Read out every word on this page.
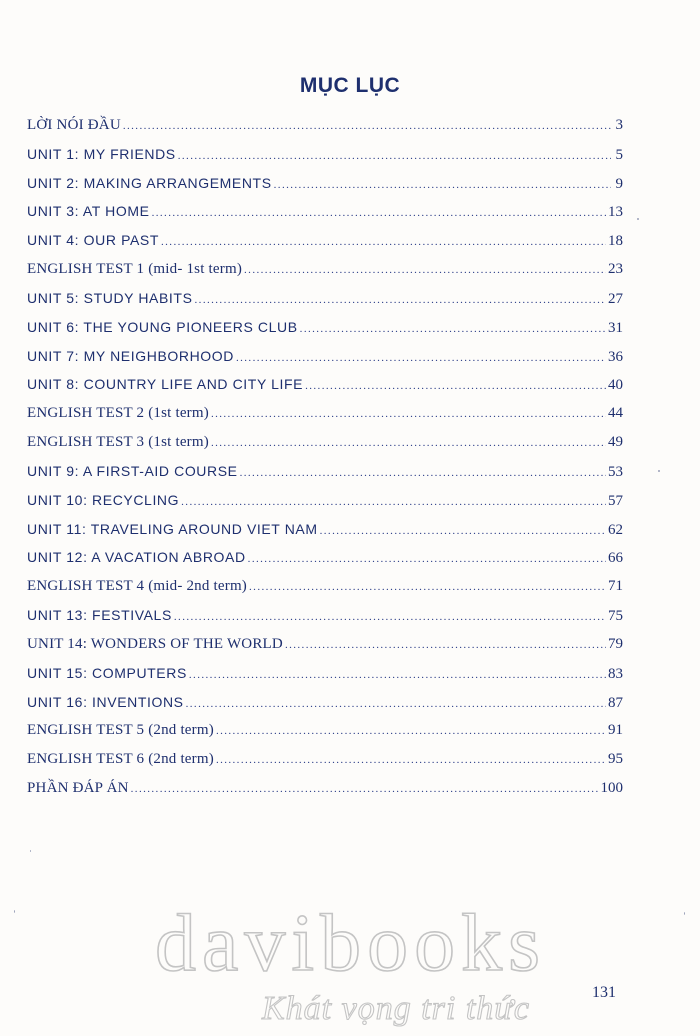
MỤC LỤC
LỜI NÓI ĐẦU .....	3
UNIT 1: MY FRIENDS .....	5
UNIT 2: MAKING ARRANGEMENTS .....	9
UNIT 3: AT HOME .....	13
UNIT 4: OUR PAST .....	18
ENGLISH TEST 1 (mid- 1st term) .....	23
UNIT 5: STUDY HABITS .....	27
UNIT 6: THE YOUNG PIONEERS CLUB .....	31
UNIT 7: MY NEIGHBORHOOD .....	36
UNIT 8: COUNTRY LIFE AND CITY LIFE .....	40
ENGLISH TEST 2 (1st term) .....	44
ENGLISH TEST 3 (1st term) .....	49
UNIT 9: A FIRST-AID COURSE .....	53
UNIT 10: RECYCLING .....	57
UNIT 11: TRAVELING AROUND VIET NAM .....	62
UNIT 12: A VACATION ABROAD .....	66
ENGLISH TEST 4 (mid- 2nd term) .....	71
UNIT 13: FESTIVALS .....	75
UNIT 14: WONDERS OF THE WORLD .....	79
UNIT 15: COMPUTERS .....	83
UNIT 16: INVENTIONS .....	87
ENGLISH TEST 5 (2nd term) .....	91
ENGLISH TEST 6 (2nd term) .....	95
PHẦN ĐÁP ÁN .....	100
davibooks
Khát vọng tri thức	131
